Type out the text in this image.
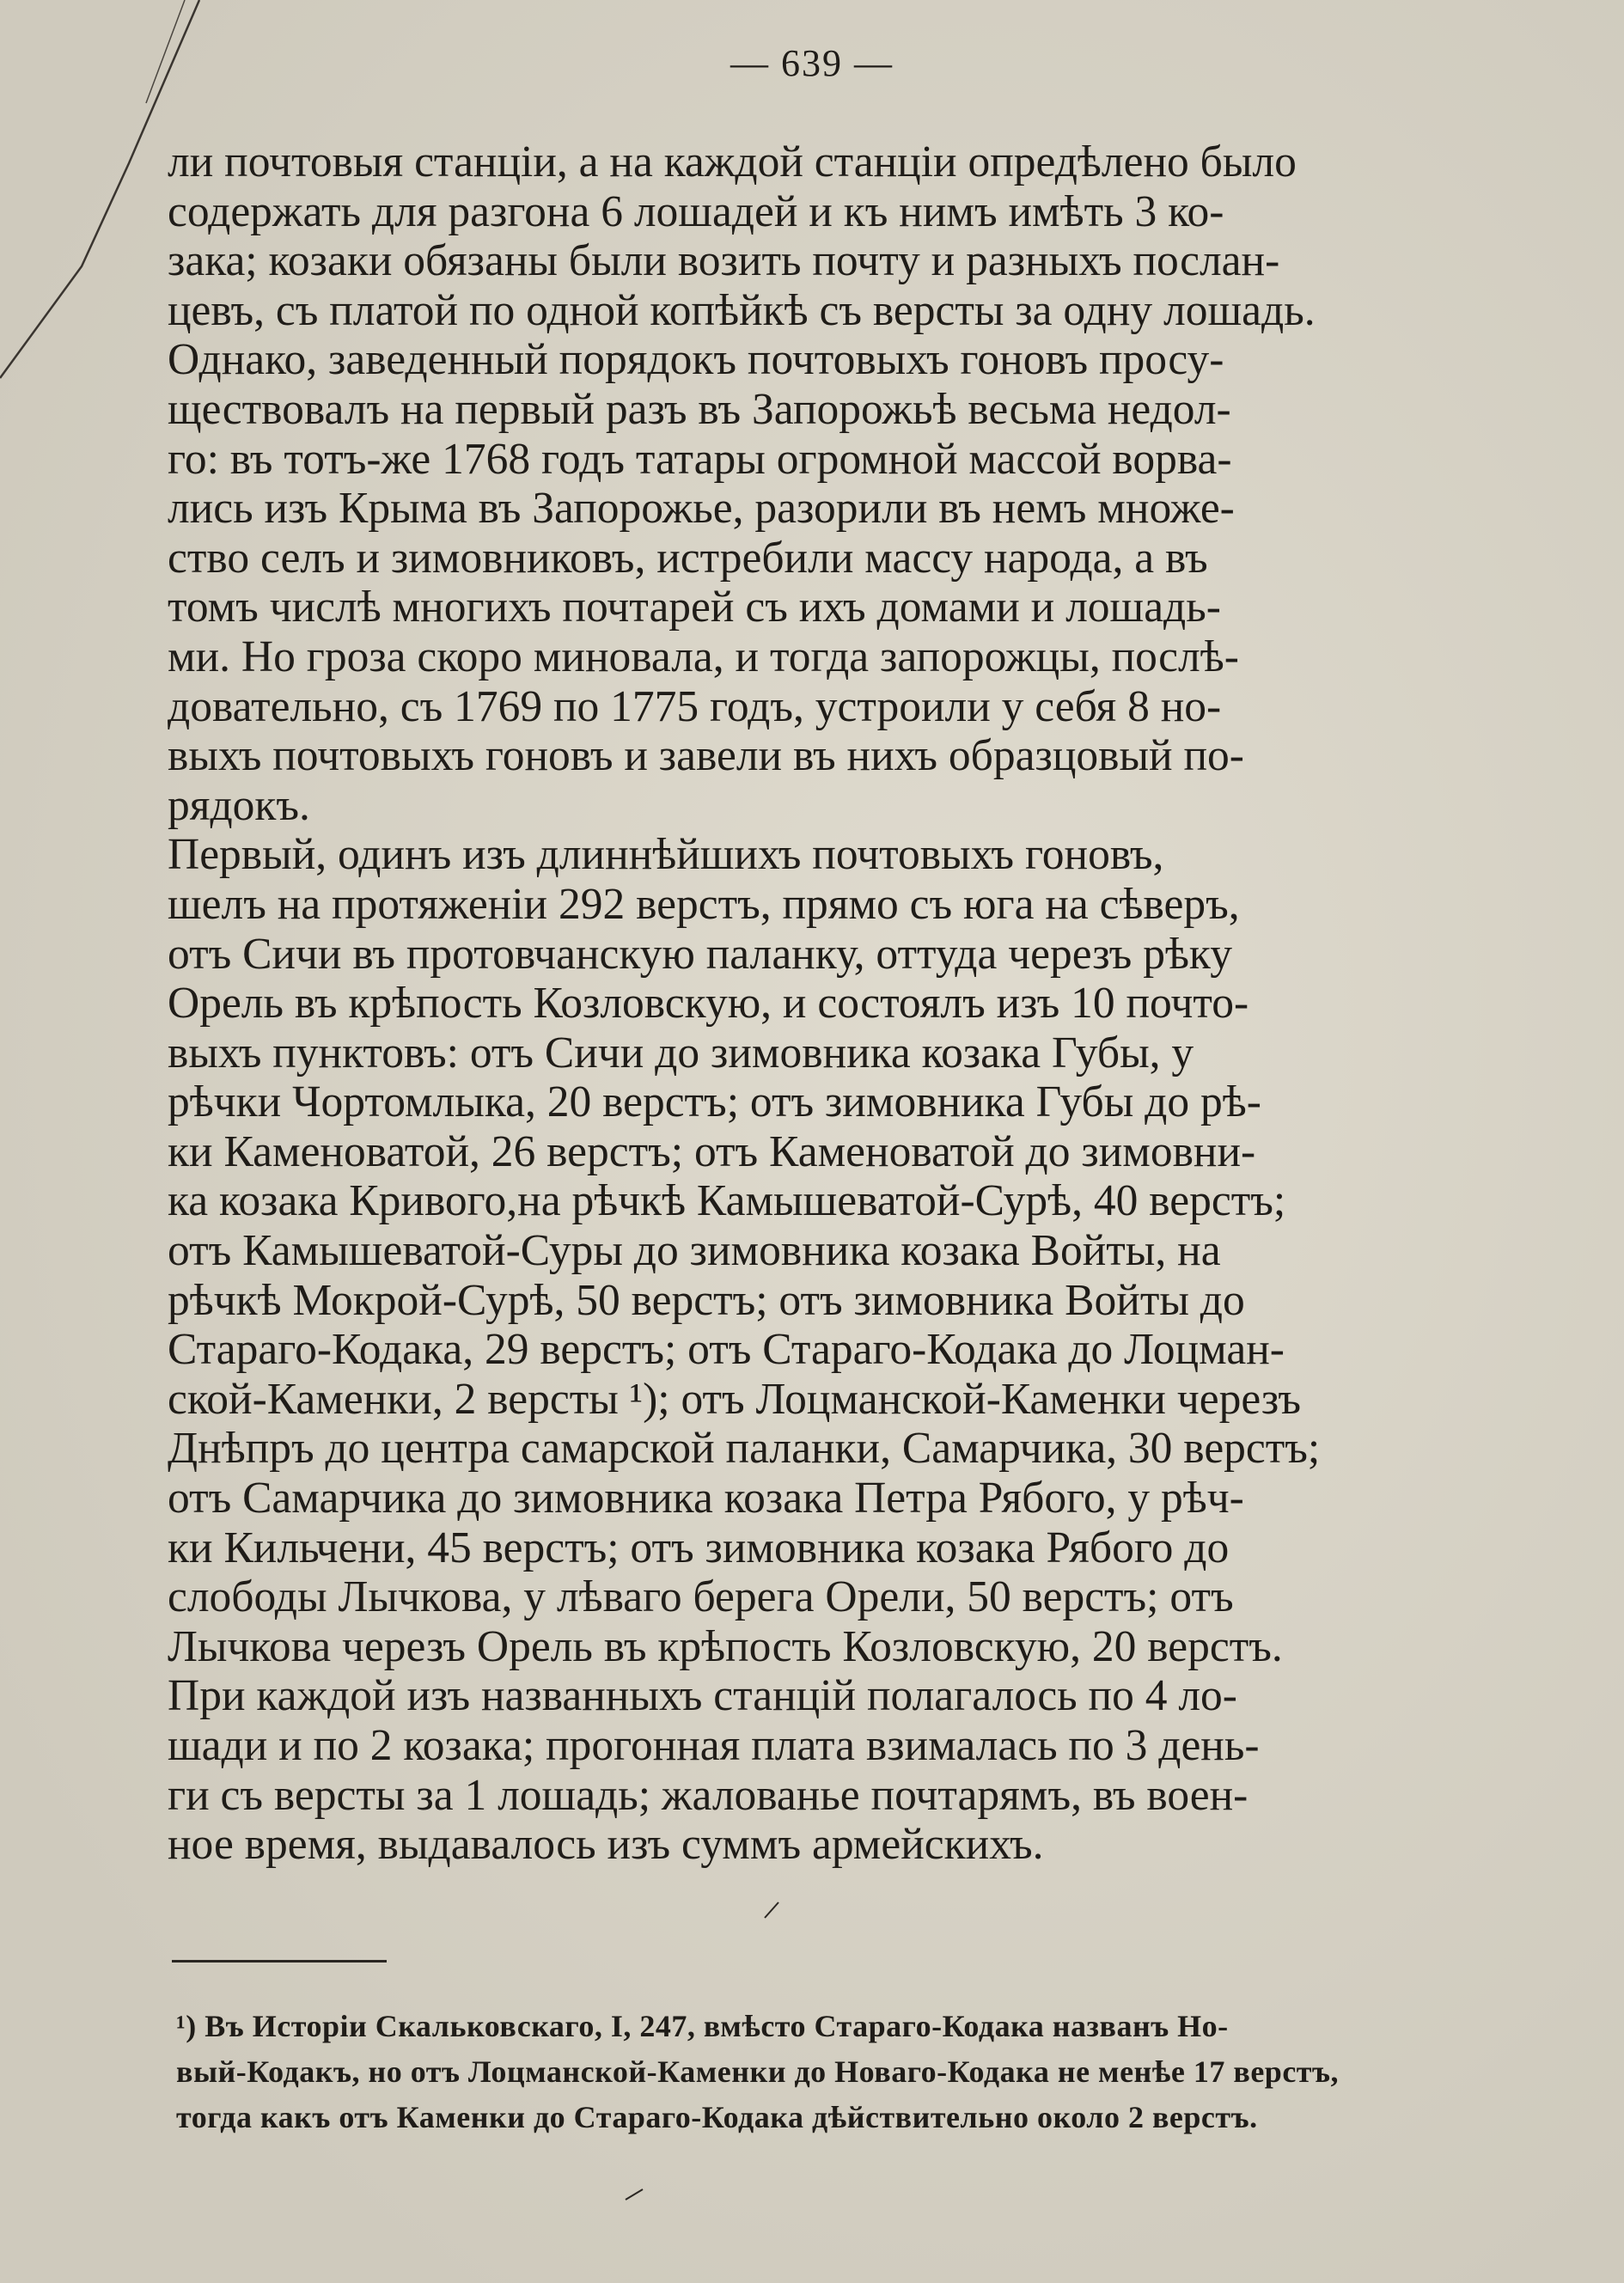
— 639 —

ли почтовыя станціи, а на каждой станціи опредѣлено было
содержать для разгона 6 лошадей и къ нимъ имѣть 3 ко-
зака; козаки обязаны были возить почту и разныхъ послан-
цевъ, съ платой по одной копѣйкѣ съ версты за одну лошадь.

Однако, заведенный порядокъ почтовыхъ гоновъ просу-
ществовалъ на первый разъ въ Запорожьѣ весьма недол-
го: въ тотъ-же 1768 годъ татары огромной массой ворва-
лись изъ Крыма въ Запорожье, разорили въ немъ множе-
ство селъ и зимовниковъ, истребили массу народа, а въ
томъ числѣ многихъ почтарей съ ихъ домами и лошадь-
ми. Но гроза скоро миновала, и тогда запорожцы, послѣ-
довательно, съ 1769 по 1775 годъ, устроили у себя 8 но-
выхъ почтовыхъ гоновъ и завели въ нихъ образцовый по-
рядокъ.

Первый, одинъ изъ длиннѣйшихъ почтовыхъ гоновъ,
шелъ на протяженіи 292 верстъ, прямо съ юга на сѣверъ,
отъ Сичи въ протовчанскую паланку, оттуда черезъ рѣку
Орель въ крѣпость Козловскую, и состоялъ изъ 10 почто-
выхъ пунктовъ: отъ Сичи до зимовника козака Губы, у
рѣчки Чортомлыка, 20 верстъ; отъ зимовника Губы до рѣ-
ки Каменоватой, 26 верстъ; отъ Каменоватой до зимовни-
ка козака Кривого,на рѣчкѣ Камышеватой-Сурѣ, 40 верстъ;
отъ Камышеватой-Суры до зимовника козака Войты, на
рѣчкѣ Мокрой-Сурѣ, 50 верстъ; отъ зимовника Войты до
Стараго-Кодака, 29 верстъ; отъ Стараго-Кодака до Лоцман-
ской-Каменки, 2 версты ¹); отъ Лоцманской-Каменки черезъ
Днѣпръ до центра самарской паланки, Самарчика, 30 верстъ;
отъ Самарчика до зимовника козака Петра Рябого, у рѣч-
ки Кильчени, 45 верстъ; отъ зимовника козака Рябого до
слободы Лычкова, у лѣваго берега Орели, 50 верстъ; отъ
Лычкова черезъ Орель въ крѣпость Козловскую, 20 верстъ.
При каждой изъ названныхъ станцій полагалось по 4 ло-
шади и по 2 козака; прогонная плата взималась по 3 день-
ги съ версты за 1 лошадь; жалованье почтарямъ, въ воен-
ное время, выдавалось изъ суммъ армейскихъ.

¹) Въ Исторіи Скальковскаго, I, 247, вмѣсто Стараго-Кодака названъ Но-
вый-Кодакъ, но отъ Лоцманской-Каменки до Новаго-Кодака не менѣе 17 верстъ,
тогда какъ отъ Каменки до Стараго-Кодака дѣйствительно около 2 верстъ.
